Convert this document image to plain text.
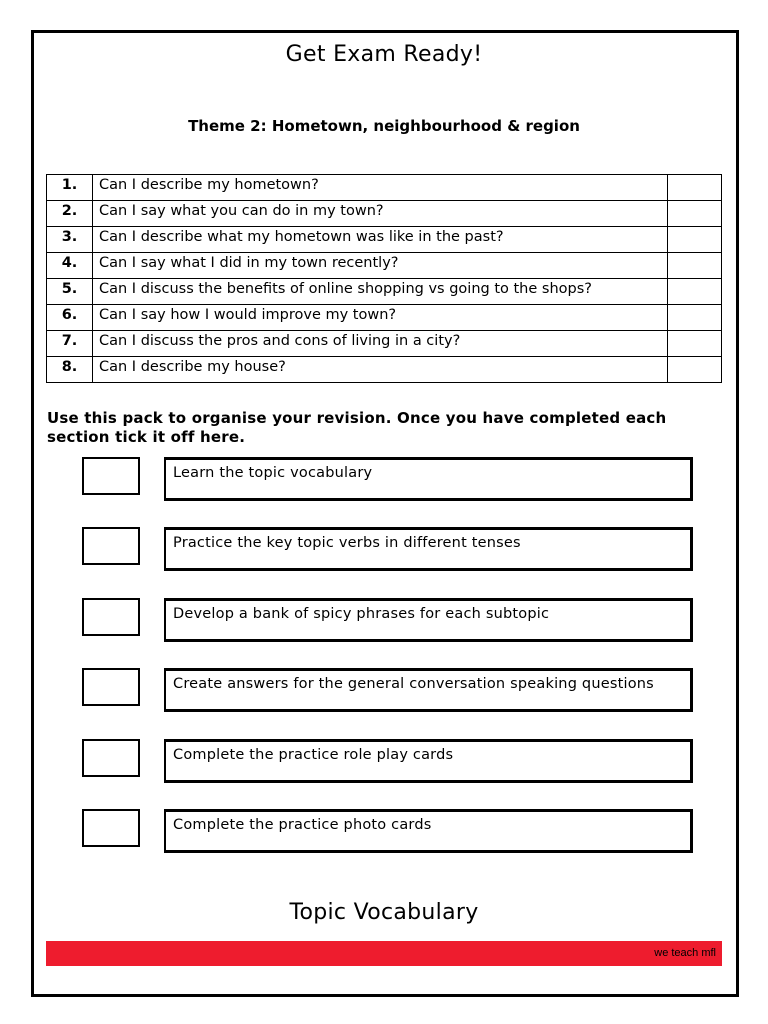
Get Exam Ready!
Theme 2: Hometown, neighbourhood & region
1.	Can I describe my hometown?	
2.	Can I say what you can do in my town?	
3.	Can I describe what my hometown was like in the past?	
4.	Can I say what I did in my town recently?	
5.	Can I discuss the benefits of online shopping vs going to the shops?	
6.	Can I say how I would improve my town?	
7.	Can I discuss the pros and cons of living in a city?	
8.	Can I describe my house?	
Use this pack to organise your revision. Once you have completed each section tick it off here.
Learn the topic vocabulary
Practice the key topic verbs in different tenses
Develop a bank of spicy phrases for each subtopic
Create answers for the general conversation speaking questions
Complete the practice role play cards
Complete the practice photo cards
Topic Vocabulary
we teach mfl
